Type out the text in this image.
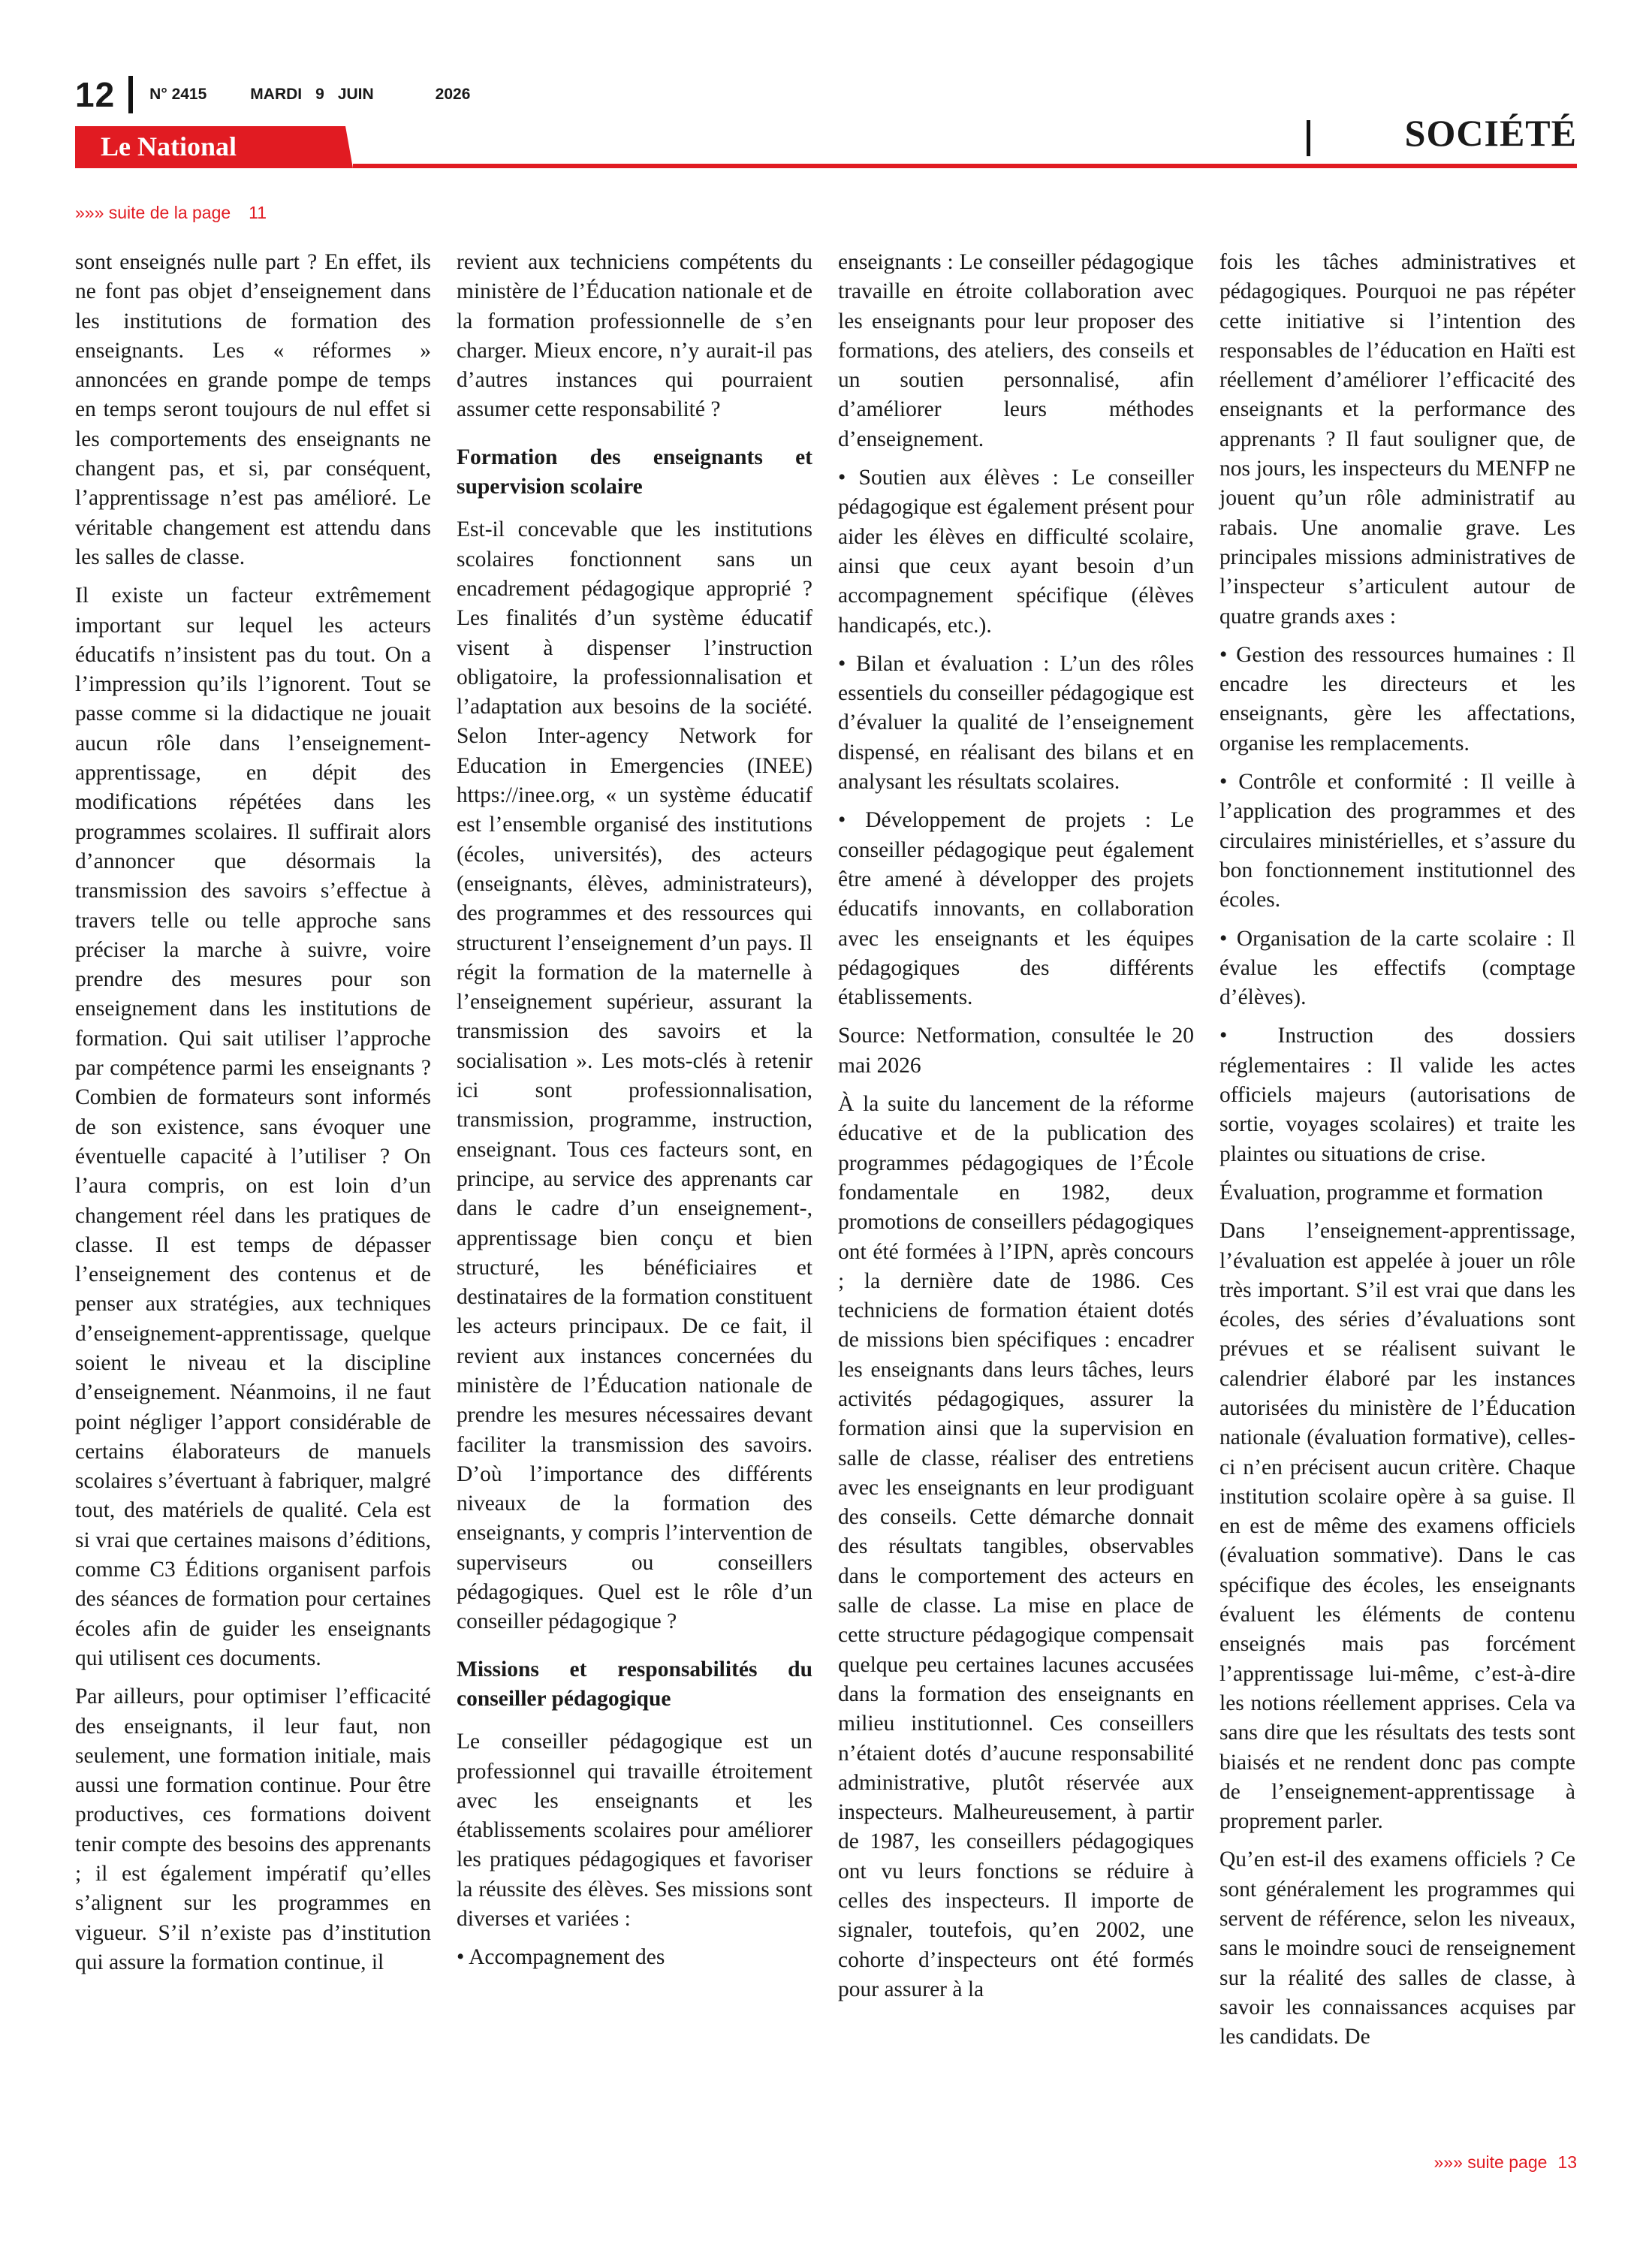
12 N° 2415	MARDI 9 JUIN	2026
Le National	SOCIÉTÉ
»»» suite de la page 11

sont enseignés nulle part ? En effet, ils ne font pas objet d’enseignement dans les institutions de formation des enseignants. Les « réformes » annoncées en grande pompe de temps en temps seront toujours de nul effet si les comportements des enseignants ne changent pas, et si, par conséquent, l’apprentissage n’est pas amélioré. Le véritable changement est attendu dans les salles de classe.

Il existe un facteur extrêmement important sur lequel les acteurs éducatifs n’insistent pas du tout. On a l’impression qu’ils l’ignorent. Tout se passe comme si la didactique ne jouait aucun rôle dans l’enseignement-apprentissage, en dépit des modifications répétées dans les programmes scolaires. Il suffirait alors d’annoncer que désormais la transmission des savoirs s’effectue à travers telle ou telle approche sans préciser la marche à suivre, voire prendre des mesures pour son enseignement dans les institutions de formation. Qui sait utiliser l’approche par compétence parmi les enseignants ? Combien de formateurs sont informés de son existence, sans évoquer une éventuelle capacité à l’utiliser ? On l’aura compris, on est loin d’un changement réel dans les pratiques de classe. Il est temps de dépasser l’enseignement des contenus et de penser aux stratégies, aux techniques d’enseignement-apprentissage, quelque soient le niveau et la discipline d’enseignement. Néanmoins, il ne faut point négliger l’apport considérable de certains élaborateurs de manuels scolaires s’évertuant à fabriquer, malgré tout, des matériels de qualité. Cela est si vrai que certaines maisons d’éditions, comme C3 Éditions organisent parfois des séances de formation pour certaines écoles afin de guider les enseignants qui utilisent ces documents.

Par ailleurs, pour optimiser l’efficacité des enseignants, il leur faut, non seulement, une formation initiale, mais aussi une formation continue. Pour être productives, ces formations doivent tenir compte des besoins des apprenants ; il est également impératif qu’elles s’alignent sur les programmes en vigueur. S’il n’existe pas d’institution qui assure la formation continue, il

revient aux techniciens compétents du ministère de l’Éducation nationale et de la formation professionnelle de s’en charger. Mieux encore, n’y aurait-il pas d’autres instances qui pourraient assumer cette responsabilité ?

Formation des enseignants et supervision scolaire

Est-il concevable que les institutions scolaires fonctionnent sans un encadrement pédagogique approprié ? Les finalités d’un système éducatif visent à dispenser l’instruction obligatoire, la professionnalisation et l’adaptation aux besoins de la société. Selon Inter-agency Network for Education in Emergencies (INEE) https://inee.org, « un système éducatif est l’ensemble organisé des institutions (écoles, universités), des acteurs (enseignants, élèves, administrateurs), des programmes et des ressources qui structurent l’enseignement d’un pays. Il régit la formation de la maternelle à l’enseignement supérieur, assurant la transmission des savoirs et la socialisation ». Les mots-clés à retenir ici sont professionnalisation, transmission, programme, instruction, enseignant. Tous ces facteurs sont, en principe, au service des apprenants car dans le cadre d’un enseignement-, apprentissage bien conçu et bien structuré, les bénéficiaires et destinataires de la formation constituent les acteurs principaux. De ce fait, il revient aux instances concernées du ministère de l’Éducation nationale de prendre les mesures nécessaires devant faciliter la transmission des savoirs. D’où l’importance des différents niveaux de la formation des enseignants, y compris l’intervention de superviseurs ou conseillers pédagogiques. Quel est le rôle d’un conseiller pédagogique ?

Missions et responsabilités du conseiller pédagogique

Le conseiller pédagogique est un professionnel qui travaille étroitement avec les enseignants et les établissements scolaires pour améliorer les pratiques pédagogiques et favoriser la réussite des élèves. Ses missions sont diverses et variées :

• Accompagnement des

enseignants : Le conseiller pédagogique travaille en étroite collaboration avec les enseignants pour leur proposer des formations, des ateliers, des conseils et un soutien personnalisé, afin d’améliorer leurs méthodes d’enseignement.

• Soutien aux élèves : Le conseiller pédagogique est également présent pour aider les élèves en difficulté scolaire, ainsi que ceux ayant besoin d’un accompagnement spécifique (élèves handicapés, etc.).

• Bilan et évaluation : L’un des rôles essentiels du conseiller pédagogique est d’évaluer la qualité de l’enseignement dispensé, en réalisant des bilans et en analysant les résultats scolaires.

• Développement de projets : Le conseiller pédagogique peut également être amené à développer des projets éducatifs innovants, en collaboration avec les enseignants et les équipes pédagogiques des différents établissements.

Source: Netformation, consultée le 20 mai 2026

À la suite du lancement de la réforme éducative et de la publication des programmes pédagogiques de l’École fondamentale en 1982, deux promotions de conseillers pédagogiques ont été formées à l’IPN, après concours ; la dernière date de 1986. Ces techniciens de formation étaient dotés de missions bien spécifiques : encadrer les enseignants dans leurs tâches, leurs activités pédagogiques, assurer la formation ainsi que la supervision en salle de classe, réaliser des entretiens avec les enseignants en leur prodiguant des conseils. Cette démarche donnait des résultats tangibles, observables dans le comportement des acteurs en salle de classe. La mise en place de cette structure pédagogique compensait quelque peu certaines lacunes accusées dans la formation des enseignants en milieu institutionnel. Ces conseillers n’étaient dotés d’aucune responsabilité administrative, plutôt réservée aux inspecteurs. Malheureusement, à partir de 1987, les conseillers pédagogiques ont vu leurs fonctions se réduire à celles des inspecteurs. Il importe de signaler, toutefois, qu’en 2002, une cohorte d’inspecteurs ont été formés pour assurer à la

fois les tâches administratives et pédagogiques. Pourquoi ne pas répéter cette initiative si l’intention des responsables de l’éducation en Haïti est réellement d’améliorer l’efficacité des enseignants et la performance des apprenants ? Il faut souligner que, de nos jours, les inspecteurs du MENFP ne jouent qu’un rôle administratif au rabais. Une anomalie grave. Les principales missions administratives de l’inspecteur s’articulent autour de quatre grands axes :

• Gestion des ressources humaines : Il encadre les directeurs et les enseignants, gère les affectations, organise les remplacements.

• Contrôle et conformité : Il veille à l’application des programmes et des circulaires ministérielles, et s’assure du bon fonctionnement institutionnel des écoles.

• Organisation de la carte scolaire : Il évalue les effectifs (comptage d’élèves).

• Instruction des dossiers réglementaires : Il valide les actes officiels majeurs (autorisations de sortie, voyages scolaires) et traite les plaintes ou situations de crise.

Évaluation, programme et formation

Dans l’enseignement-apprentissage, l’évaluation est appelée à jouer un rôle très important. S’il est vrai que dans les écoles, des séries d’évaluations sont prévues et se réalisent suivant le calendrier élaboré par les instances autorisées du ministère de l’Éducation nationale (évaluation formative), celles-ci n’en précisent aucun critère. Chaque institution scolaire opère à sa guise. Il en est de même des examens officiels (évaluation sommative). Dans le cas spécifique des écoles, les enseignants évaluent les éléments de contenu enseignés mais pas forcément l’apprentissage lui-même, c’est-à-dire les notions réellement apprises. Cela va sans dire que les résultats des tests sont biaisés et ne rendent donc pas compte de l’enseignement-apprentissage à proprement parler.

Qu’en est-il des examens officiels ? Ce sont généralement les programmes qui servent de référence, selon les niveaux, sans le moindre souci de renseignement sur la réalité des salles de classe, à savoir les connaissances acquises par les candidats. De

»»» suite page 13
